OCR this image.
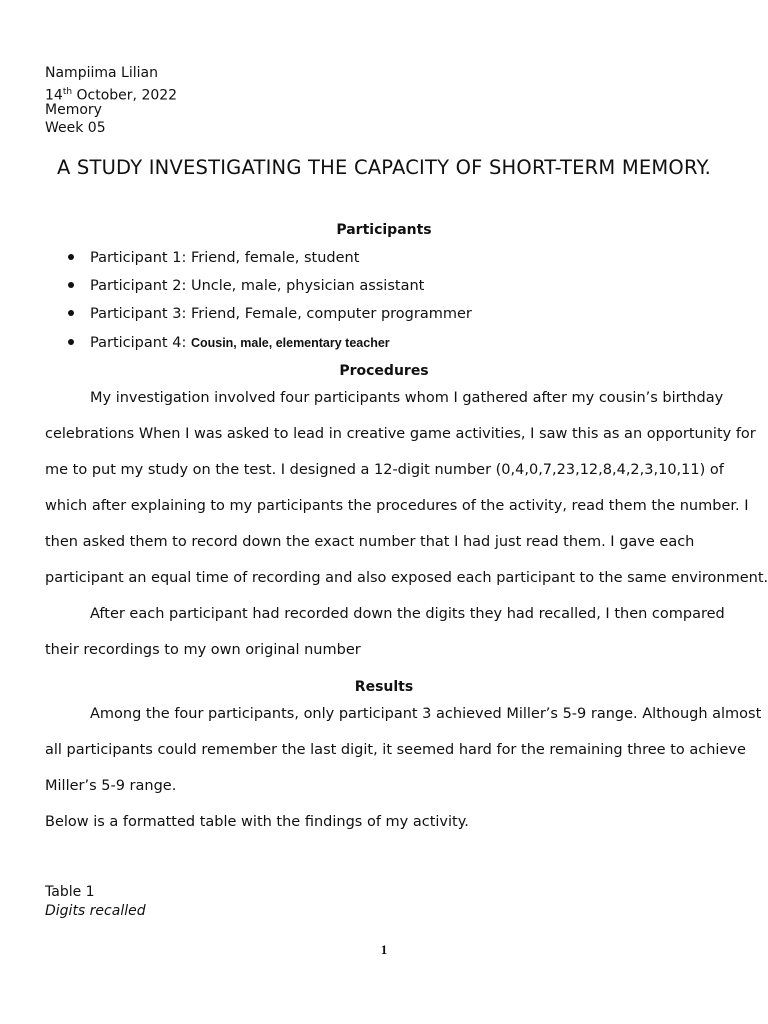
Nampiima Lilian
14th October, 2022
Memory
Week 05
A STUDY INVESTIGATING THE CAPACITY OF SHORT-TERM MEMORY.
Participants
Participant 1: Friend, female, student
Participant 2: Uncle, male, physician assistant
Participant 3: Friend, Female, computer programmer
Participant 4: Cousin, male, elementary teacher
Procedures
My investigation involved four participants whom I gathered after my cousin’s birthday
celebrations When I was asked to lead in creative game activities, I saw this as an opportunity for
me to put my study on the test. I designed a 12-digit number (0,4,0,7,23,12,8,4,2,3,10,11) of
which after explaining to my participants the procedures of the activity, read them the number. I
then asked them to record down the exact number that I had just read them. I gave each
participant an equal time of recording and also exposed each participant to the same environment.
After each participant had recorded down the digits they had recalled, I then compared
their recordings to my own original number
Results
Among the four participants, only participant 3 achieved Miller’s 5-9 range. Although almost
all participants could remember the last digit, it seemed hard for the remaining three to achieve
Miller’s 5-9 range.
Below is a formatted table with the findings of my activity.
Table 1
Digits recalled
1
